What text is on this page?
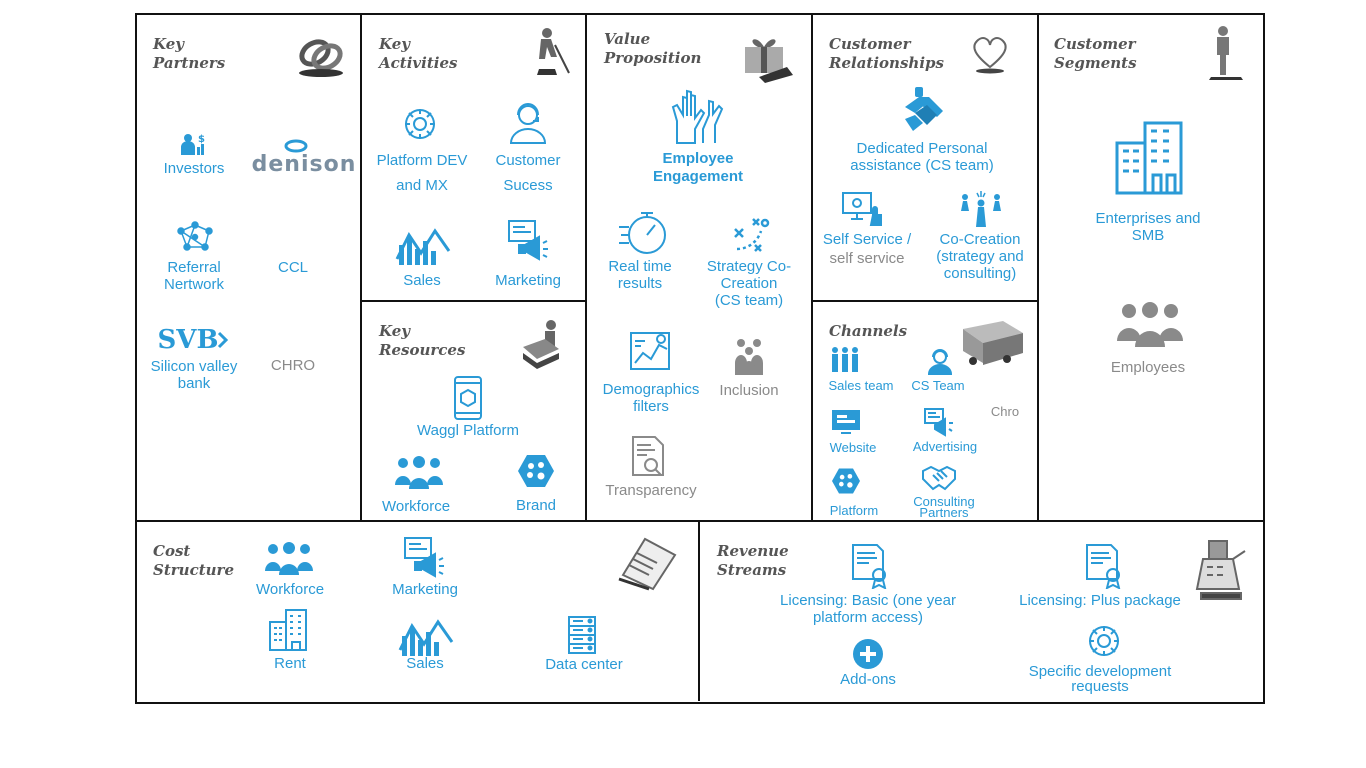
Key
Partners
$
Investors denison
Referral
Nertwork
CCL
SVB
Silicon valley
bank
CHRO
Key
Activities
Platform DEV
and MX
Customer
Sucess
Sales	Marketing
Key
Resources
Waggl Platform
Workforce	Brand
Value
Proposition
Employee
Engagement
Real time
results
Strategy Co-
Creation
(CS team)
Demographics
filters
Inclusion
Transparency
Customer
Relationships
Dedicated Personal
assistance (CS team)
Self Service /
self service
Co-Creation
(strategy and
consulting)
Channels
Sales team CS Team
Chro
Website	Advertising
Platform
Consulting
Partners
Customer
Segments
Enterprises and SMB
Employees
Cost
Structure
Workforce	Marketing
Rent	Sales	Data center
Revenue
Streams
Licensing: Basic (one year
platform access)
Licensing: Plus package
Add-ons	Specific development
requests
